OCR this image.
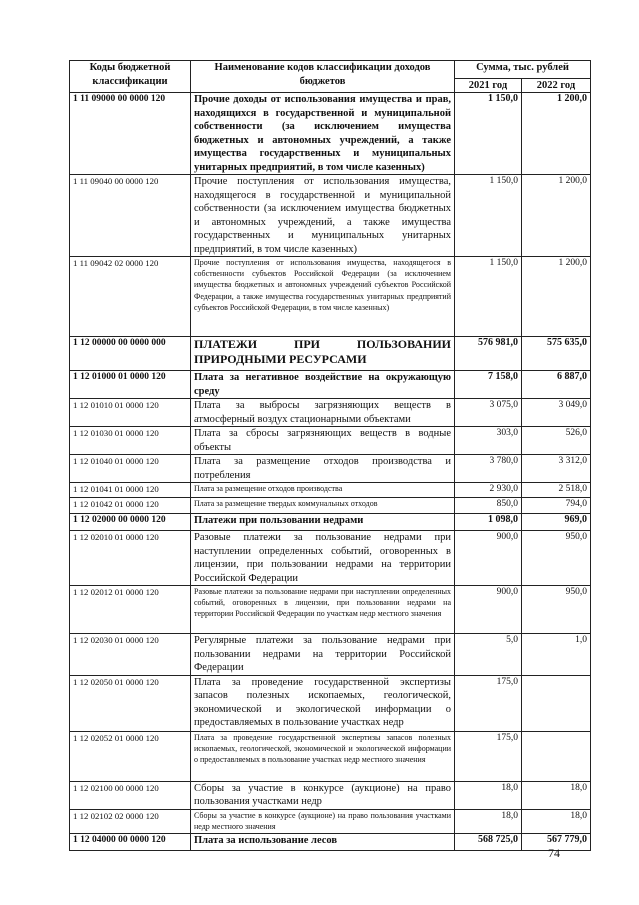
Коды бюджетной классификации	Наименование кодов классификации доходов бюджетов	Сумма, тыс. рублей	
		2021 год	2022 год
1 11 09000 00 0000 120	Прочие доходы от использования имущества и прав, находящихся в государственной и муниципальной собственности (за исключением имущества бюджетных и автономных учреждений, а также имущества государственных и муниципальных унитарных предприятий, в том числе казенных)	1 150,0	1 200,0
1 11 09040 00 0000 120	Прочие поступления от использования имущества, находящегося в государственной и муниципальной собственности (за исключением имущества бюджетных и автономных учреждений, а также имущества государственных и муниципальных унитарных предприятий, в том числе казенных)	1 150,0	1 200,0
1 11 09042 02 0000 120	Прочие поступления от использования имущества, находящегося в собственности субъектов Российской Федерации (за исключением имущества бюджетных и автономных учреждений субъектов Российской Федерации, а также имущества государственных унитарных предприятий субъектов Российской Федерации, в том числе казенных)	1 150,0	1 200,0
1 12 00000 00 0000 000	ПЛАТЕЖИ ПРИ ПОЛЬЗОВАНИИ ПРИРОДНЫМИ РЕСУРСАМИ	576 981,0	575 635,0
1 12 01000 01 0000 120	Плата за негативное воздействие на окружающую среду	7 158,0	6 887,0
1 12 01010 01 0000 120	Плата за выбросы загрязняющих веществ в атмосферный воздух стационарными объектами	3 075,0	3 049,0
1 12 01030 01 0000 120	Плата за сбросы загрязняющих веществ в водные объекты	303,0	526,0
1 12 01040 01 0000 120	Плата за размещение отходов производства и потребления	3 780,0	3 312,0
1 12 01041 01 0000 120	Плата за размещение отходов производства	2 930,0	2 518,0
1 12 01042 01 0000 120	Плата за размещение твердых коммунальных отходов	850,0	794,0
1 12 02000 00 0000 120	Платежи при пользовании недрами	1 098,0	969,0
1 12 02010 01 0000 120	Разовые платежи за пользование недрами при наступлении определенных событий, оговоренных в лицензии, при пользовании недрами на территории Российской Федерации	900,0	950,0
1 12 02012 01 0000 120	Разовые платежи за пользование недрами при наступлении определенных событий, оговоренных в лицензии, при пользовании недрами на территории Российской Федерации по участкам недр местного значения	900,0	950,0
1 12 02030 01 0000 120	Регулярные платежи за пользование недрами при пользовании недрами на территории Российской Федерации	5,0	1,0
1 12 02050 01 0000 120	Плата за проведение государственной экспертизы запасов полезных ископаемых, геологической, экономической и экологической информации о предоставляемых в пользование участках недр	175,0	
1 12 02052 01 0000 120	Плата за проведение государственной экспертизы запасов полезных ископаемых, геологической, экономической и экологической информации о предоставляемых в пользование участках недр местного значения	175,0	
1 12 02100 00 0000 120	Сборы за участие в конкурсе (аукционе) на право пользования участками недр	18,0	18,0
1 12 02102 02 0000 120	Сборы за участие в конкурсе (аукционе) на право пользования участками недр местного значения	18,0	18,0
1 12 04000 00 0000 120	Плата за использование лесов	568 725,0	567 779,0
74
